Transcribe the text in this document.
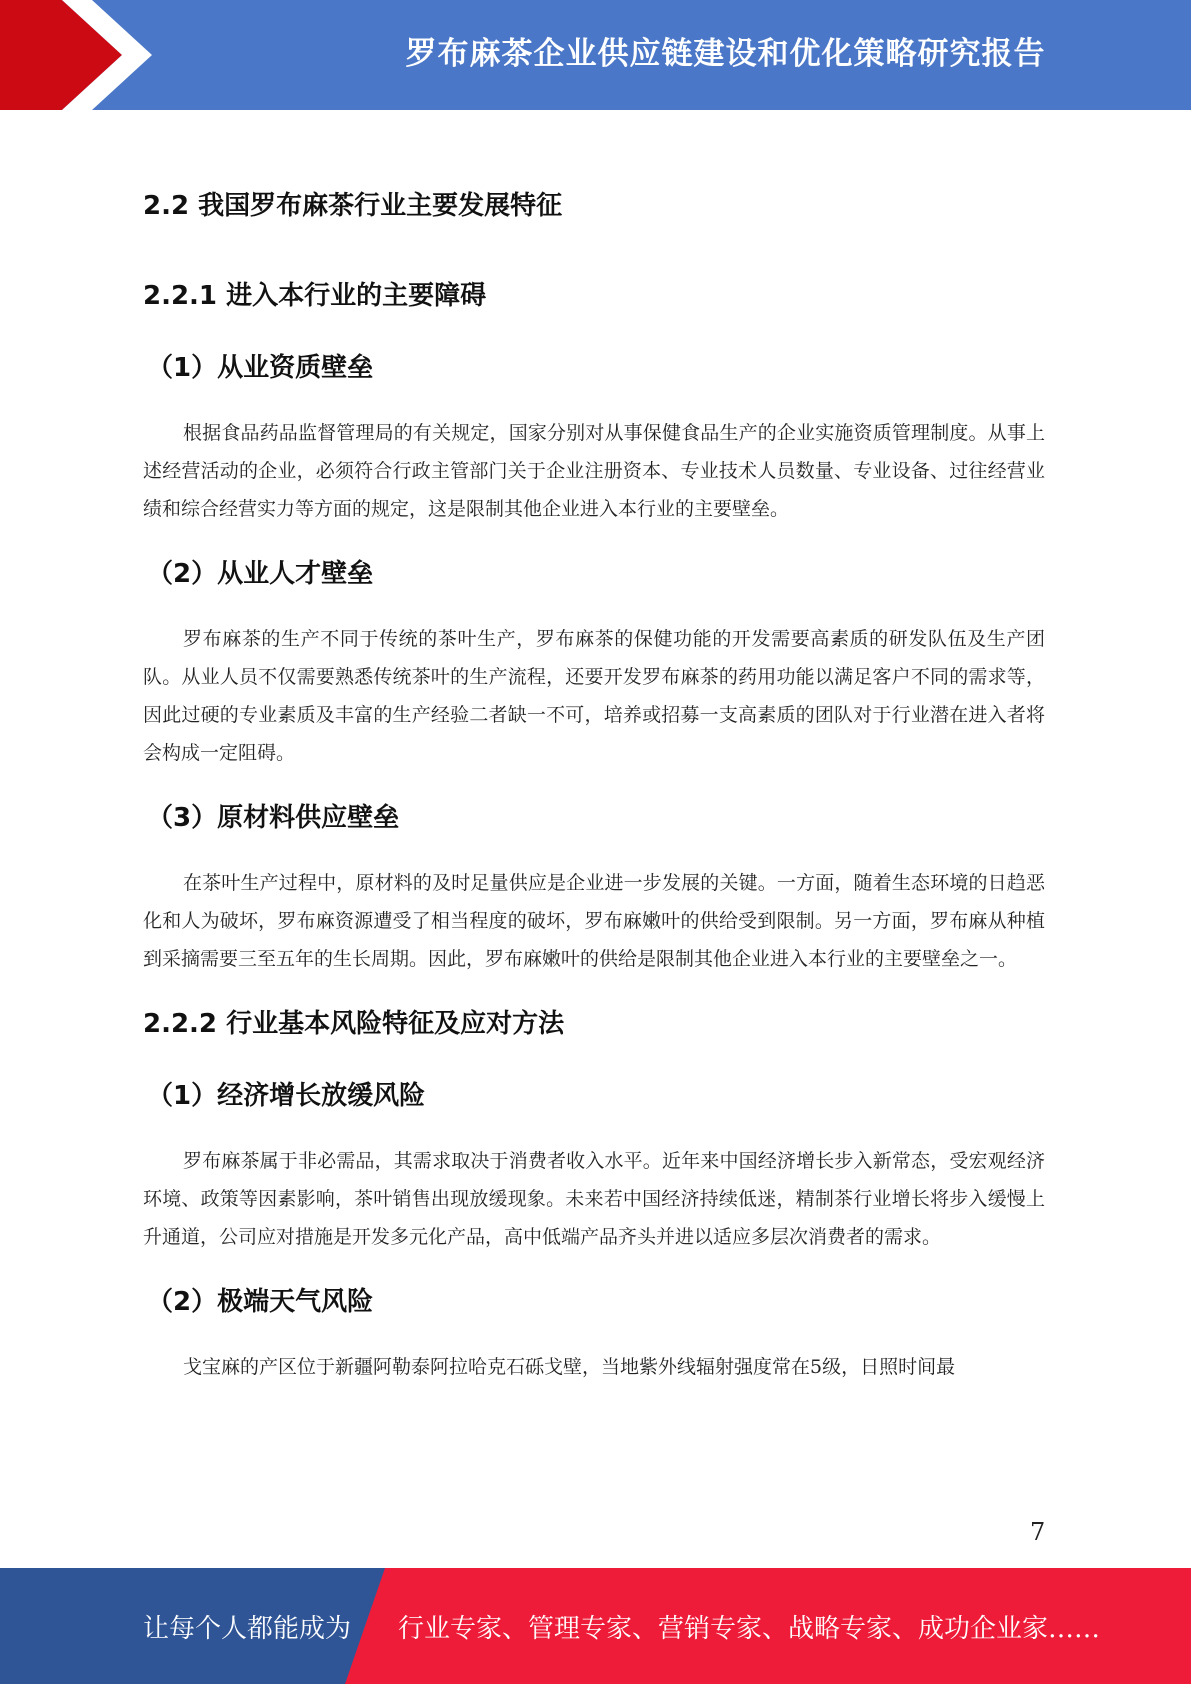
罗布麻茶企业供应链建设和优化策略研究报告
2.2 我国罗布麻茶行业主要发展特征
2.2.1 进入本行业的主要障碍
（1）从业资质壁垒

根据食品药品监督管理局的有关规定，国家分别对从事保健食品生产的企业实施资质管理制度。从事上述经营活动的企业，必须符合行政主管部门关于企业注册资本、专业技术人员数量、专业设备、过往经营业绩和综合经营实力等方面的规定，这是限制其他企业进入本行业的主要壁垒。

（2）从业人才壁垒

罗布麻茶的生产不同于传统的茶叶生产，罗布麻茶的保健功能的开发需要高素质的研发队伍及生产团队。从业人员不仅需要熟悉传统茶叶的生产流程，还要开发罗布麻茶的药用功能以满足客户不同的需求等，因此过硬的专业素质及丰富的生产经验二者缺一不可，培养或招募一支高素质的团队对于行业潜在进入者将会构成一定阻碍。

（3）原材料供应壁垒

在茶叶生产过程中，原材料的及时足量供应是企业进一步发展的关键。一方面，随着生态环境的日趋恶化和人为破坏，罗布麻资源遭受了相当程度的破坏，罗布麻嫩叶的供给受到限制。另一方面，罗布麻从种植到采摘需要三至五年的生长周期。因此，罗布麻嫩叶的供给是限制其他企业进入本行业的主要壁垒之一。

2.2.2 行业基本风险特征及应对方法
（1）经济增长放缓风险

罗布麻茶属于非必需品，其需求取决于消费者收入水平。近年来中国经济增长步入新常态，受宏观经济环境、政策等因素影响，茶叶销售出现放缓现象。未来若中国经济持续低迷，精制茶行业增长将步入缓慢上升通道，公司应对措施是开发多元化产品，高中低端产品齐头并进以适应多层次消费者的需求。

（2）极端天气风险

戈宝麻的产区位于新疆阿勒泰阿拉哈克石砾戈壁，当地紫外线辐射强度常在5级，日照时间最

7
让每个人都能成为 行业专家、管理专家、营销专家、战略专家、成功企业家……
